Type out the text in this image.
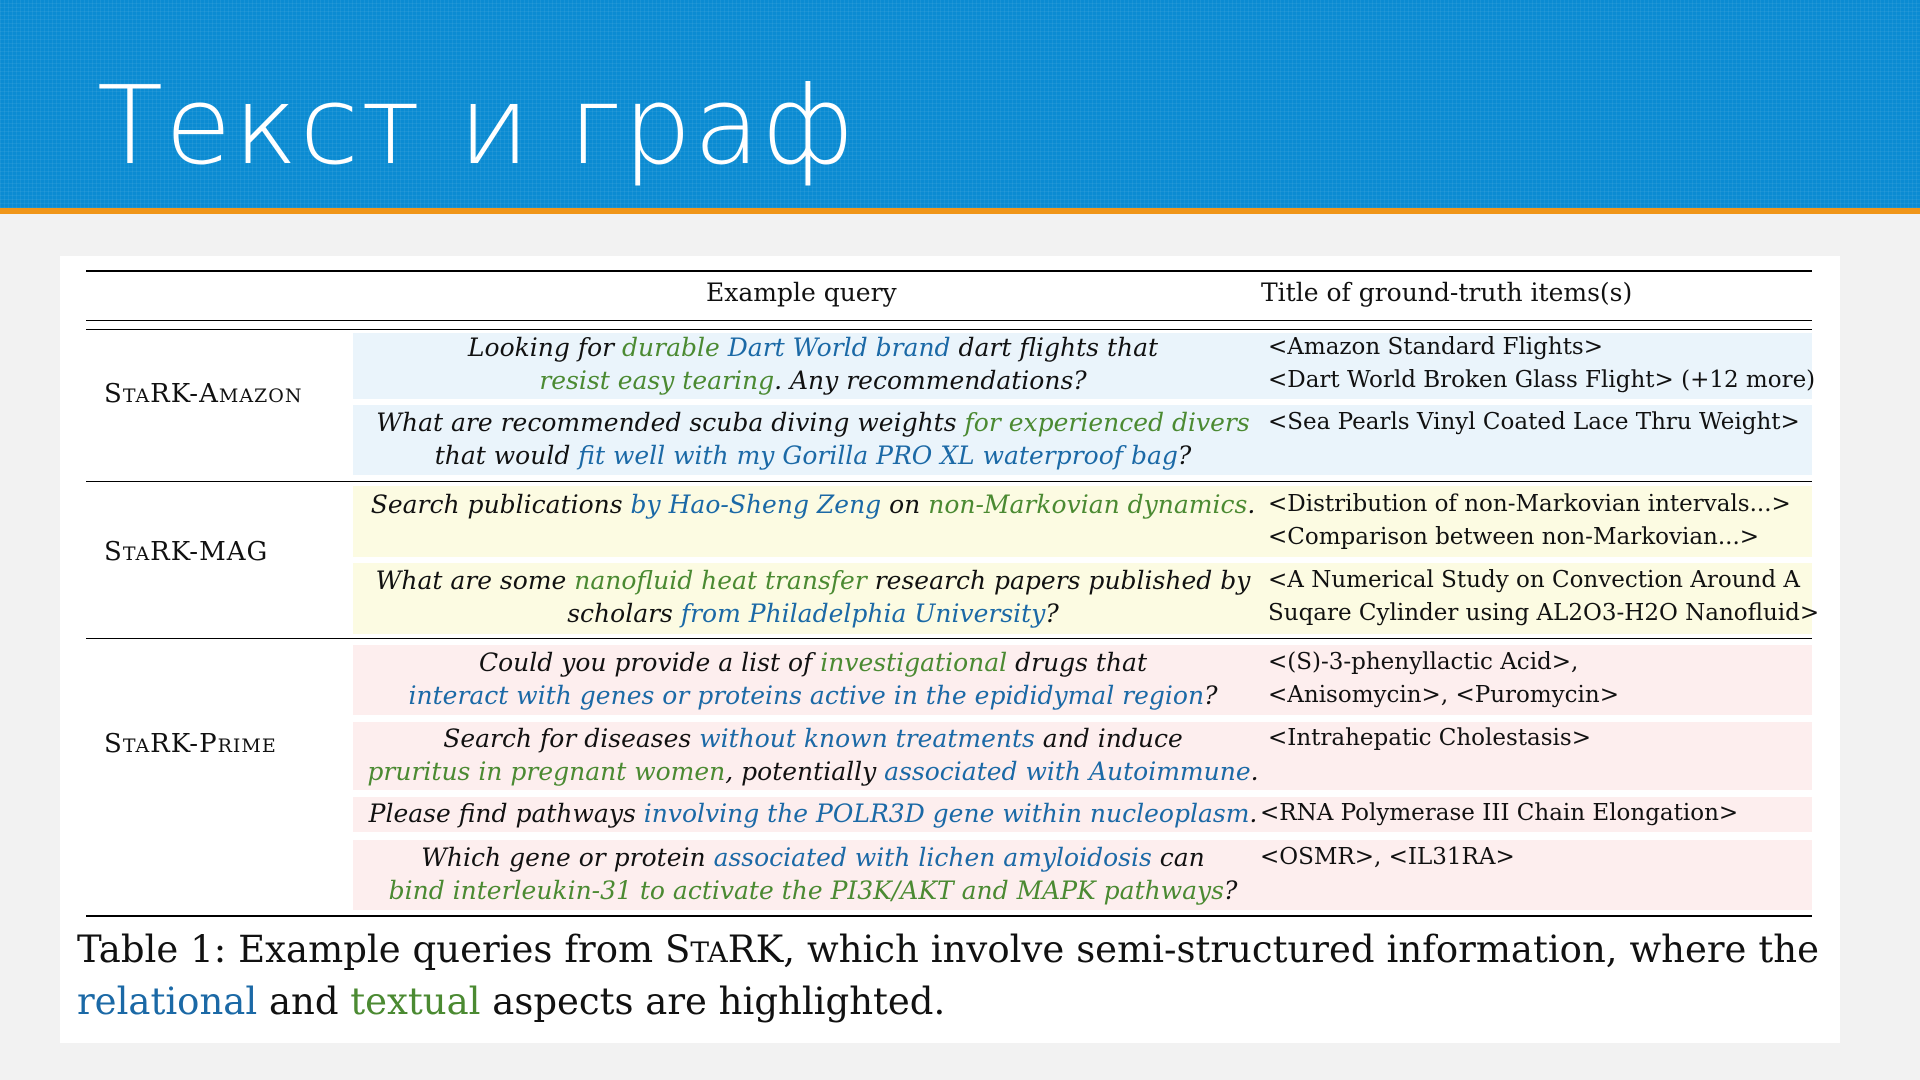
Текст и граф
Example query	Title of ground-truth items(s)
STARK-AMAZON
STARK-MAG
STARK-PRIME
Looking for durable Dart World brand dart flights that
resist easy tearing. Any recommendations?
<Amazon Standard Flights>
<Dart World Broken Glass Flight> (+12 more)
What are recommended scuba diving weights for experienced divers
that would fit well with my Gorilla PRO XL waterproof bag?
<Sea Pearls Vinyl Coated Lace Thru Weight>
Search publications by Hao-Sheng Zeng on non-Markovian dynamics. <Distribution of non-Markovian intervals...>
<Comparison between non-Markovian...>
What are some nanofluid heat transfer research papers published by
scholars from Philadelphia University?
<A Numerical Study on Convection Around A
Suqare Cylinder using AL2O3-H2O Nanofluid>
Could you provide a list of investigational drugs that
interact with genes or proteins active in the epididymal region?
<(S)-3-phenyllactic Acid>,
<Anisomycin>, <Puromycin>
Search for diseases without known treatments and induce
pruritus in pregnant women, potentially associated with Autoimmune.
<Intrahepatic Cholestasis>
Please find pathways involving the POLR3D gene within nucleoplasm. <RNA Polymerase III Chain Elongation>
Which gene or protein associated with lichen amyloidosis can
bind interleukin-31 to activate the PI3K/AKT and MAPK pathways?
<OSMR>, <IL31RA>
Table 1: Example queries from STARK, which involve semi-structured information, where the relational and textual aspects are highlighted.
